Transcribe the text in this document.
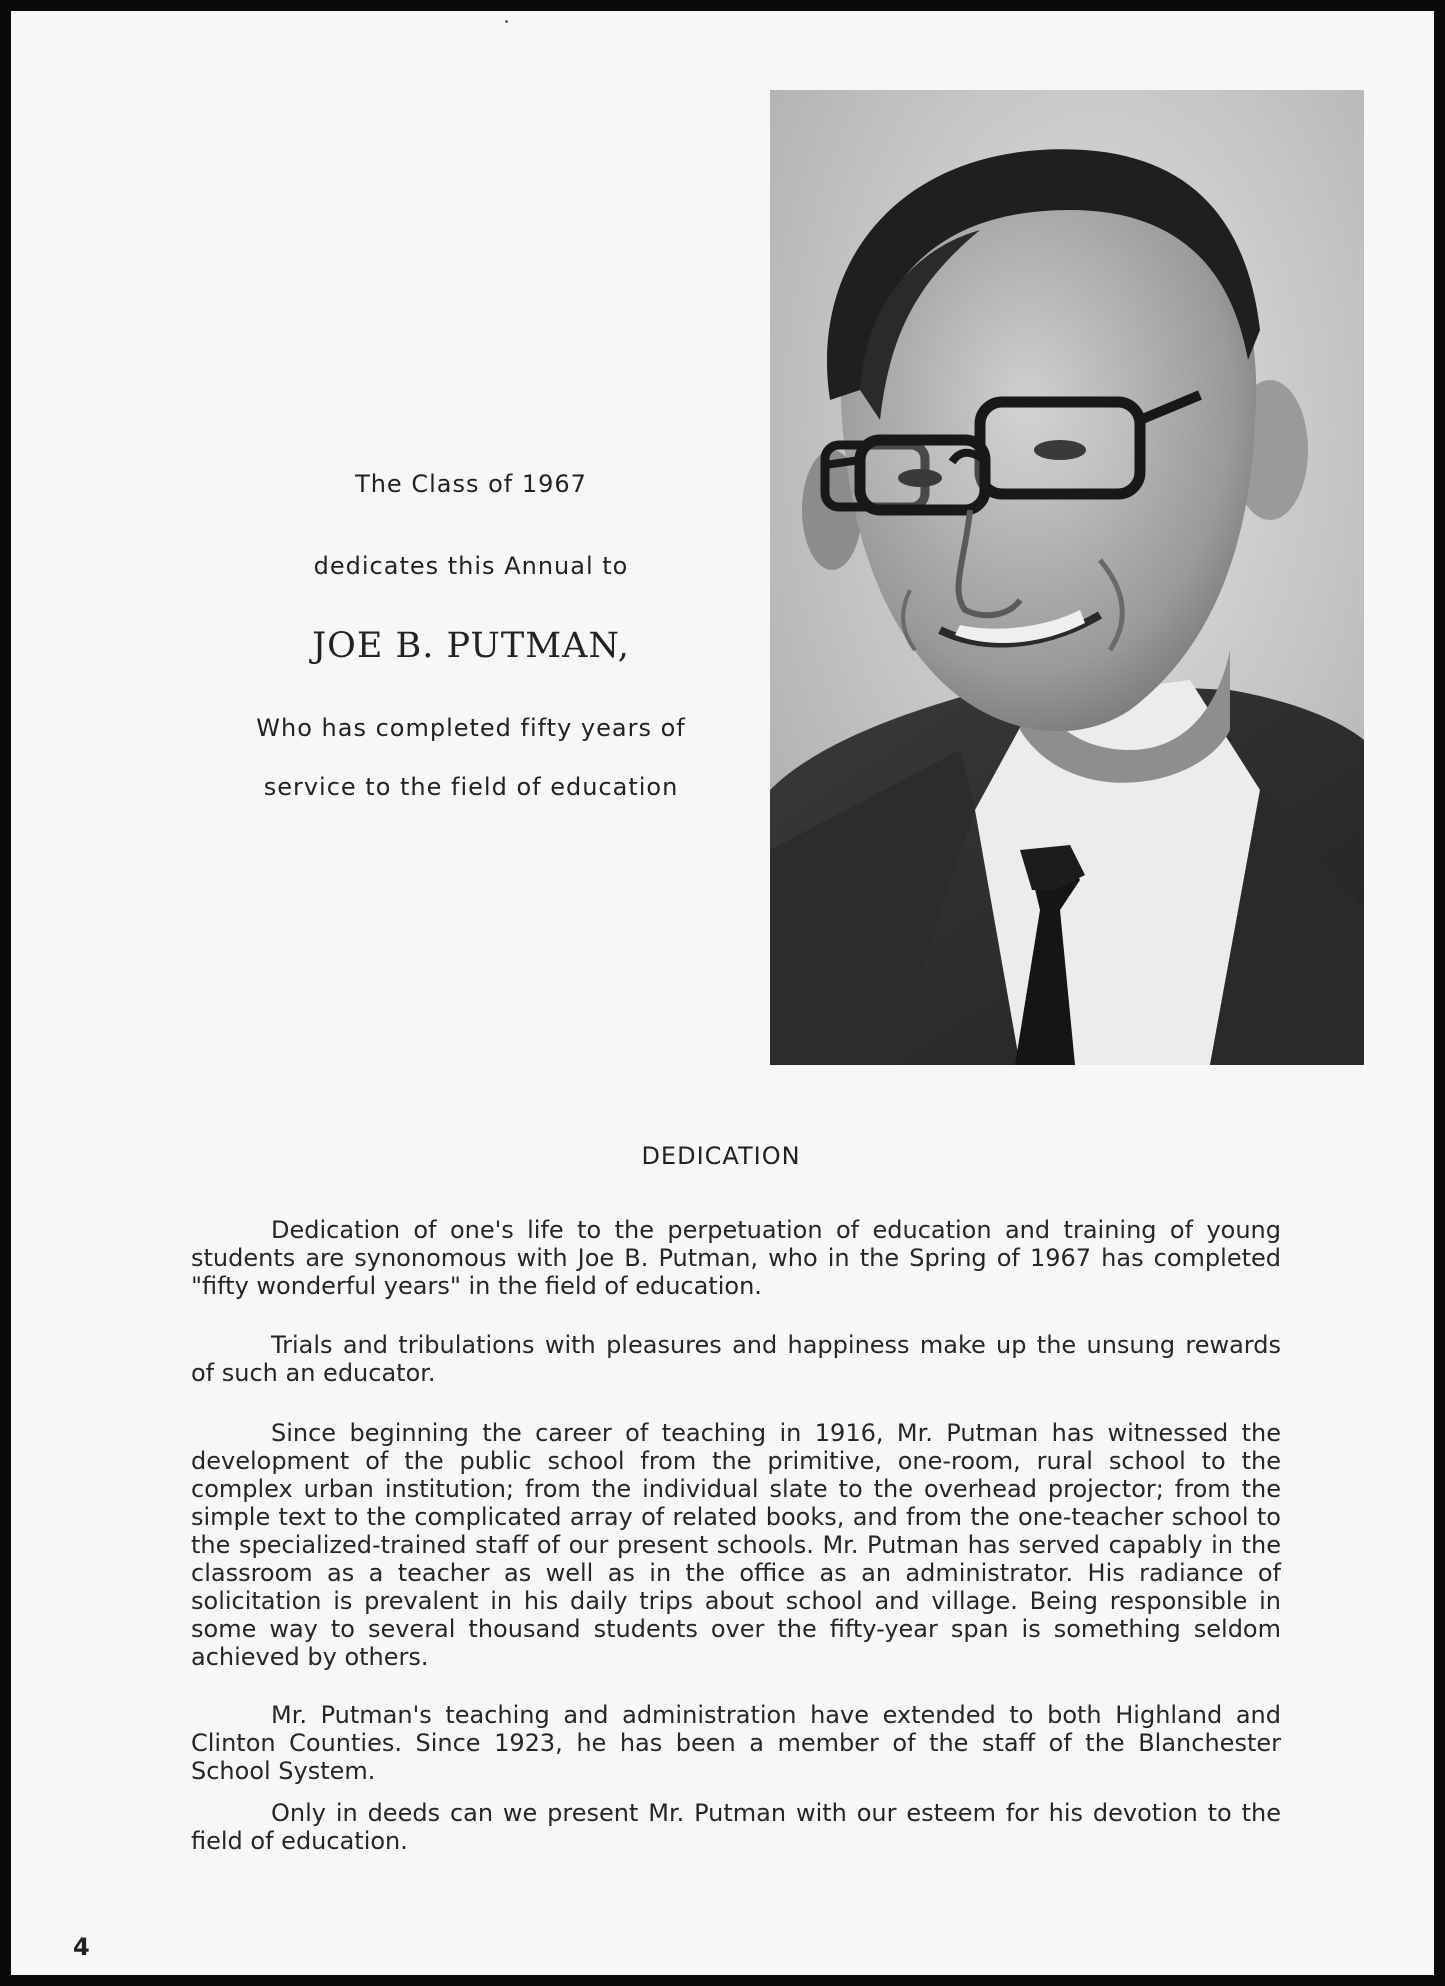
The Class of 1967
dedicates this Annual to
JOE B. PUTMAN,
Who has completed fifty years of
service to the field of education
DEDICATION

Dedication of one's life to the perpetuation of education and training of young students are synonomous with Joe B. Putman, who in the Spring of 1967 has completed "fifty wonderful years" in the field of education.

Trials and tribulations with pleasures and happiness make up the unsung rewards of such an educator.

Since beginning the career of teaching in 1916, Mr. Putman has witnessed the development of the public school from the primitive, one-room, rural school to the complex urban institution; from the individual slate to the overhead projector; from the simple text to the complicated array of related books, and from the one-teacher school to the specialized-trained staff of our present schools. Mr. Putman has served capably in the classroom as a teacher as well as in the office as an administrator. His radiance of solicitation is prevalent in his daily trips about school and village. Being responsible in some way to several thousand students over the fifty-year span is something seldom achieved by others.

Mr. Putman's teaching and administration have extended to both Highland and Clinton Counties. Since 1923, he has been a member of the staff of the Blanchester School System.

Only in deeds can we present Mr. Putman with our esteem for his devotion to the field of education.

4
